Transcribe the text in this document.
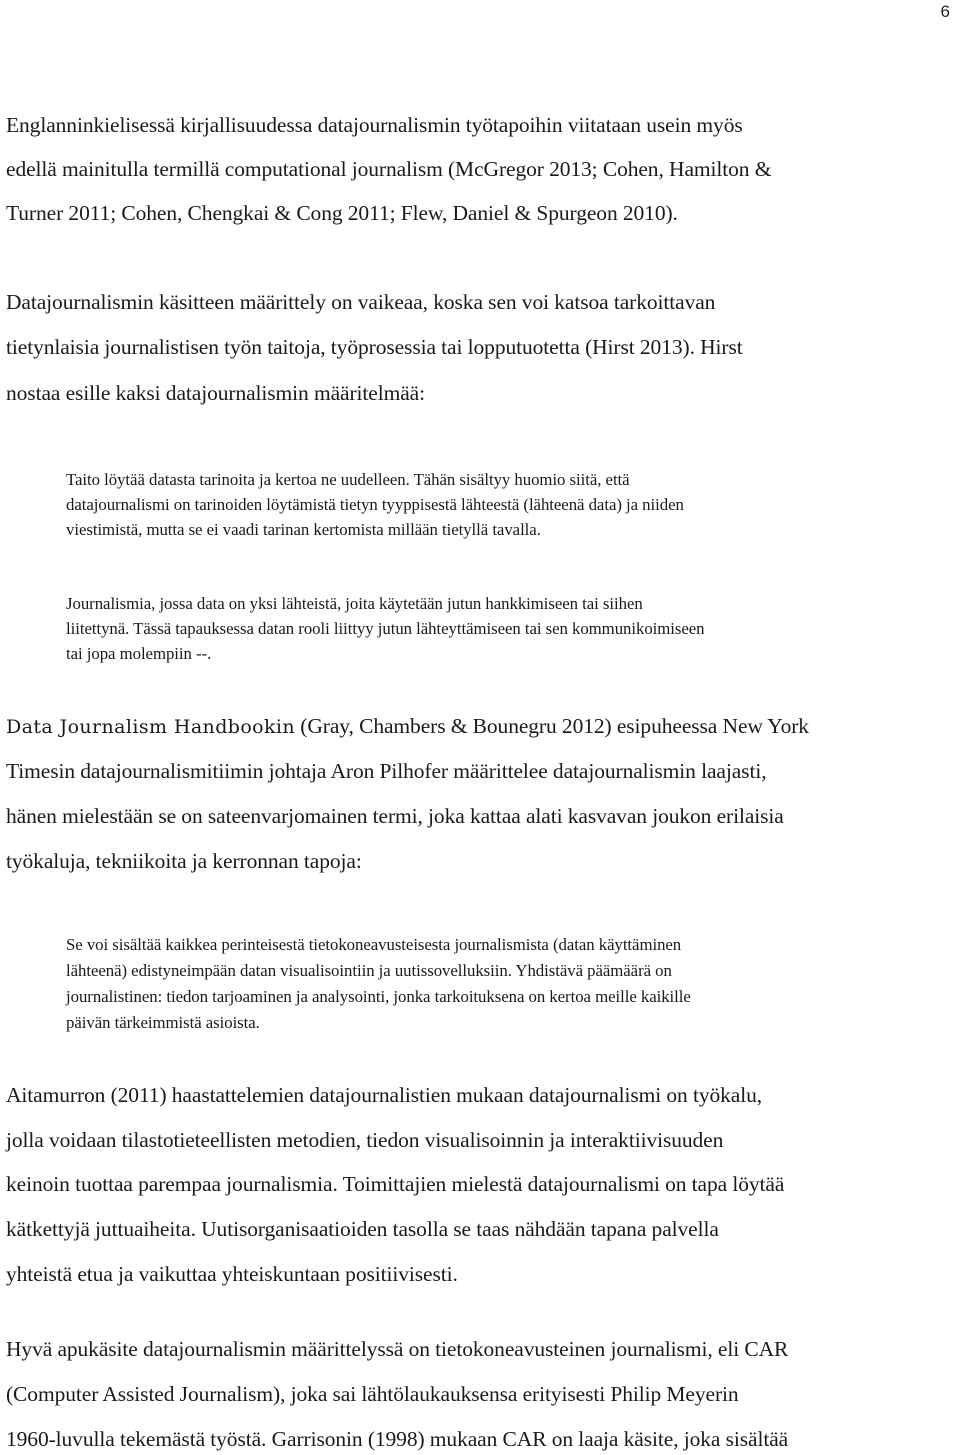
6
Englanninkielisessä kirjallisuudessa datajournalismin työtapoihin viitataan usein myös
edellä mainitulla termillä computational journalism (McGregor 2013; Cohen, Hamilton &
Turner 2011; Cohen, Chengkai & Cong 2011; Flew, Daniel & Spurgeon 2010).
Datajournalismin käsitteen määrittely on vaikeaa, koska sen voi katsoa tarkoittavan
tietynlaisia journalistisen työn taitoja, työprosessia tai lopputuotetta (Hirst 2013). Hirst
nostaa esille kaksi datajournalismin määritelmää:
Taito löytää datasta tarinoita ja kertoa ne uudelleen. Tähän sisältyy huomio siitä, että
datajournalismi on tarinoiden löytämistä tietyn tyyppisestä lähteestä (lähteenä data) ja niiden
viestimistä, mutta se ei vaadi tarinan kertomista millään tietyllä tavalla.
Journalismia, jossa data on yksi lähteistä, joita käytetään jutun hankkimiseen tai siihen
liitettynä. Tässä tapauksessa datan rooli liittyy jutun lähteyttämiseen tai sen kommunikoimiseen
tai jopa molempiin --.
Data Journalism Handbookin (Gray, Chambers & Bounegru 2012) esipuheessa New York
Timesin datajournalismitiimin johtaja Aron Pilhofer määrittelee datajournalismin laajasti,
hänen mielestään se on sateenvarjomainen termi, joka kattaa alati kasvavan joukon erilaisia
työkaluja, tekniikoita ja kerronnan tapoja:
Se voi sisältää kaikkea perinteisestä tietokoneavusteisesta journalismista (datan käyttäminen
lähteenä) edistyneimpään datan visualisointiin ja uutissovelluksiin. Yhdistävä päämäärä on
journalistinen: tiedon tarjoaminen ja analysointi, jonka tarkoituksena on kertoa meille kaikille
päivän tärkeimmistä asioista.
Aitamurron (2011) haastattelemien datajournalistien mukaan datajournalismi on työkalu,
jolla voidaan tilastotieteellisten metodien, tiedon visualisoinnin ja interaktiivisuuden
keinoin tuottaa parempaa journalismia. Toimittajien mielestä datajournalismi on tapa löytää
kätkettyjä juttuaiheita. Uutisorganisaatioiden tasolla se taas nähdään tapana palvella
yhteistä etua ja vaikuttaa yhteiskuntaan positiivisesti.
Hyvä apukäsite datajournalismin määrittelyssä on tietokoneavusteinen journalismi, eli CAR
(Computer Assisted Journalism), joka sai lähtölaukauksensa erityisesti Philip Meyerin
1960-luvulla tekemästä työstä. Garrisonin (1998) mukaan CAR on laaja käsite, joka sisältää
